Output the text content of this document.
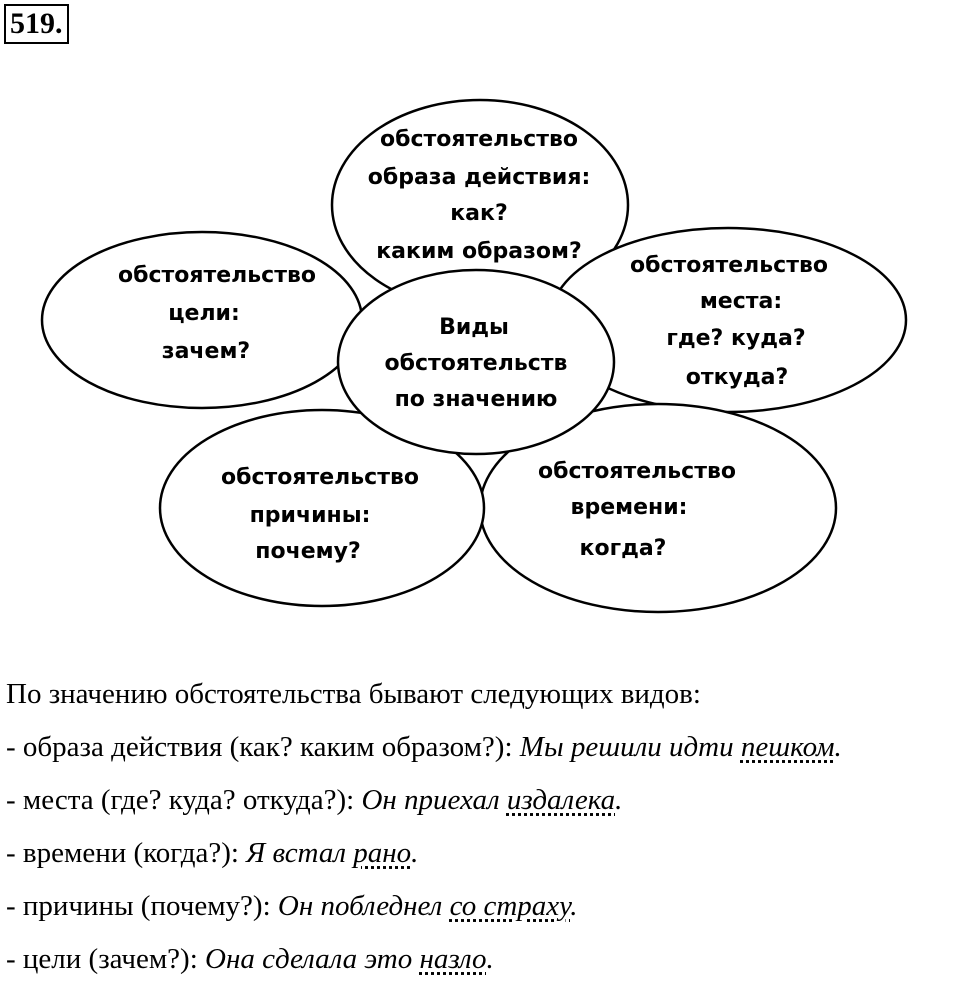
519.
Виды
обстоятельств
по значению
обстоятельство
образа действия:
как?
каким образом?
обстоятельство
места:
где? куда?
откуда?
обстоятельство
времени:
когда?
обстоятельство
причины:
почему?
обстоятельство
цели:
зачем?
По значению обстоятельства бывают следующих видов:
- образа действия (как? каким образом?): Мы решили идти пешком.
- места (где? куда? откуда?): Он приехал издалека.
- времени (когда?): Я встал рано.
- причины (почему?): Он побледнел со страху.
- цели (зачем?): Она сделала это назло.
